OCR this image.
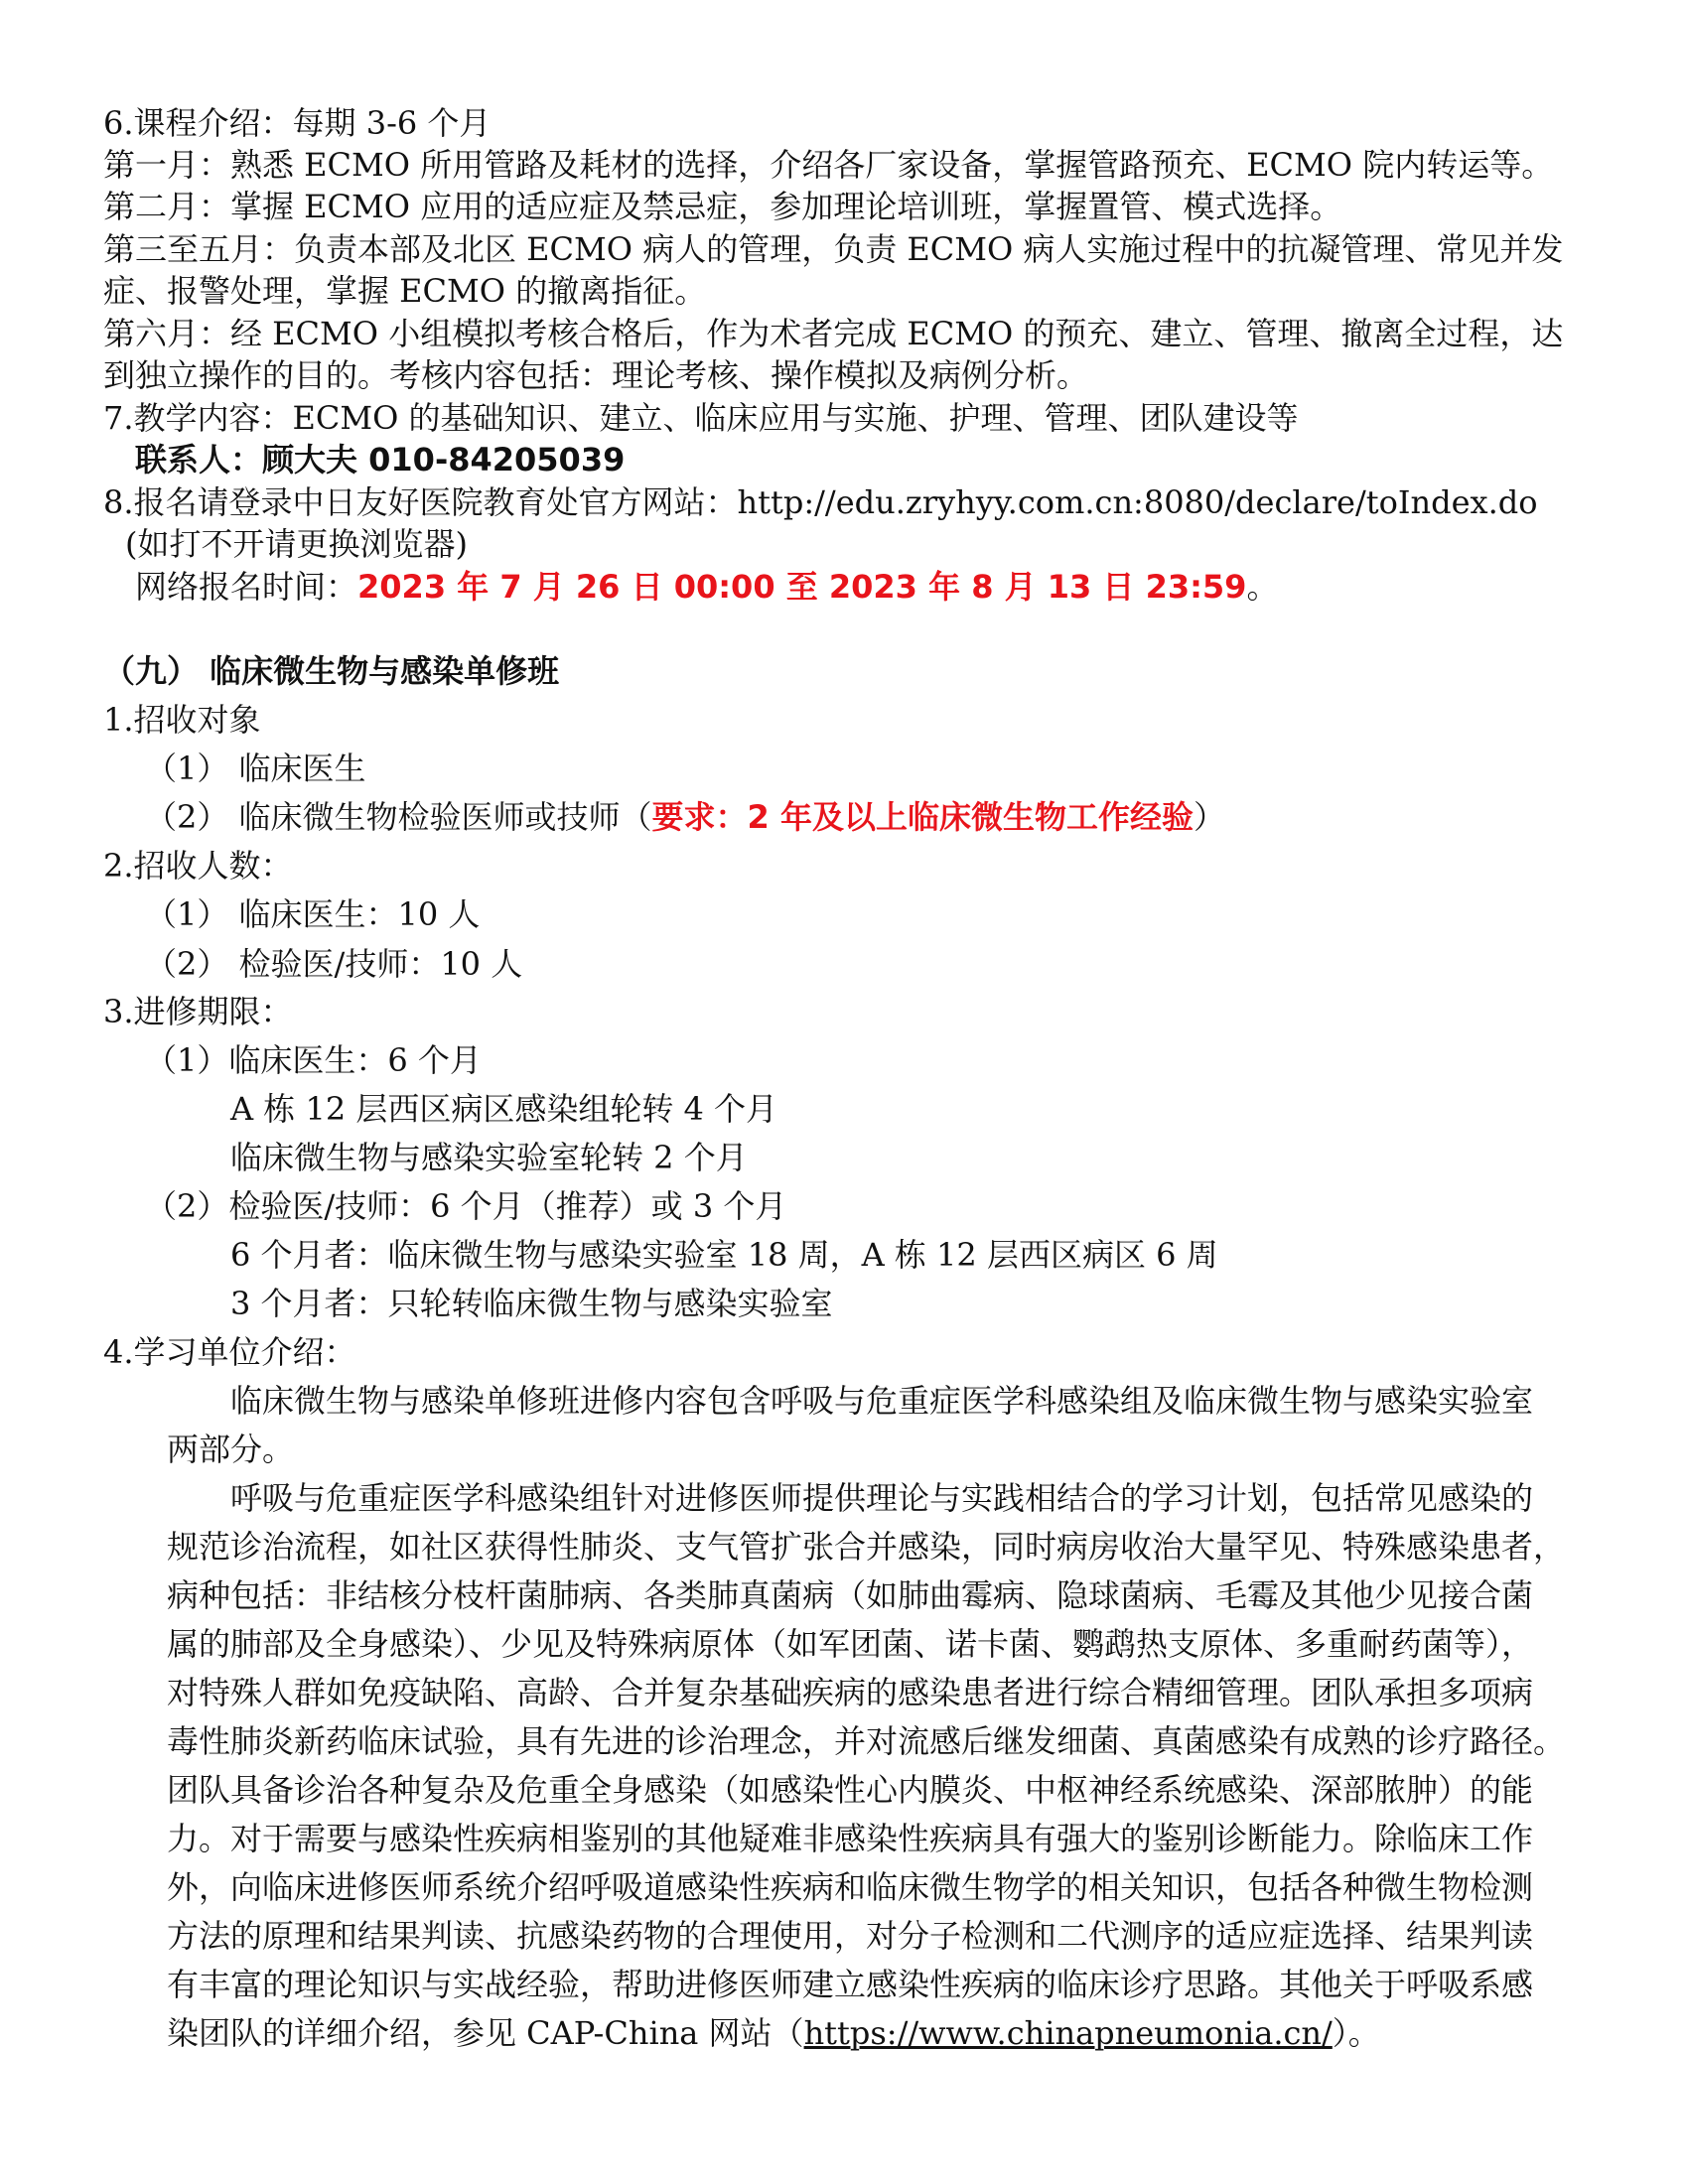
6.课程介绍：每期 3-6 个月
第一月：熟悉 ECMO 所用管路及耗材的选择，介绍各厂家设备，掌握管路预充、ECMO 院内转运等。
第二月：掌握 ECMO 应用的适应症及禁忌症，参加理论培训班，掌握置管、模式选择。
第三至五月：负责本部及北区 ECMO 病人的管理，负责 ECMO 病人实施过程中的抗凝管理、常见并发
症、报警处理，掌握 ECMO 的撤离指征。
第六月：经 ECMO 小组模拟考核合格后，作为术者完成 ECMO 的预充、建立、管理、撤离全过程，达
到独立操作的目的。考核内容包括：理论考核、操作模拟及病例分析。
7.教学内容：ECMO 的基础知识、建立、临床应用与实施、护理、管理、团队建设等
联系人：顾大夫 010-84205039
8.报名请登录中日友好医院教育处官方网站：http://edu.zryhyy.com.cn:8080/declare/toIndex.do
(如打不开请更换浏览器)
网络报名时间：2023 年 7 月 26 日 00:00 至 2023 年 8 月 13 日 23:59。
（九） 临床微生物与感染单修班
1.招收对象
（1） 临床医生
（2） 临床微生物检验医师或技师（要求：2 年及以上临床微生物工作经验）
2.招收人数：
（1） 临床医生：10 人
（2） 检验医/技师：10 人
3.进修期限：
（1）临床医生：6 个月
A 栋 12 层西区病区感染组轮转 4 个月
临床微生物与感染实验室轮转 2 个月
（2）检验医/技师：6 个月（推荐）或 3 个月
6 个月者：临床微生物与感染实验室 18 周，A 栋 12 层西区病区 6 周
3 个月者：只轮转临床微生物与感染实验室
4.学习单位介绍：
临床微生物与感染单修班进修内容包含呼吸与危重症医学科感染组及临床微生物与感染实验室
两部分。
呼吸与危重症医学科感染组针对进修医师提供理论与实践相结合的学习计划，包括常见感染的
规范诊治流程，如社区获得性肺炎、支气管扩张合并感染，同时病房收治大量罕见、特殊感染患者，
病种包括：非结核分枝杆菌肺病、各类肺真菌病（如肺曲霉病、隐球菌病、毛霉及其他少见接合菌
属的肺部及全身感染）、少见及特殊病原体（如军团菌、诺卡菌、鹦鹉热支原体、多重耐药菌等），
对特殊人群如免疫缺陷、高龄、合并复杂基础疾病的感染患者进行综合精细管理。团队承担多项病
毒性肺炎新药临床试验，具有先进的诊治理念，并对流感后继发细菌、真菌感染有成熟的诊疗路径。
团队具备诊治各种复杂及危重全身感染（如感染性心内膜炎、中枢神经系统感染、深部脓肿）的能
力。对于需要与感染性疾病相鉴别的其他疑难非感染性疾病具有强大的鉴别诊断能力。除临床工作
外，向临床进修医师系统介绍呼吸道感染性疾病和临床微生物学的相关知识，包括各种微生物检测
方法的原理和结果判读、抗感染药物的合理使用，对分子检测和二代测序的适应症选择、结果判读
有丰富的理论知识与实战经验，帮助进修医师建立感染性疾病的临床诊疗思路。其他关于呼吸系感
染团队的详细介绍，参见 CAP-China 网站（https://www.chinapneumonia.cn/）。
